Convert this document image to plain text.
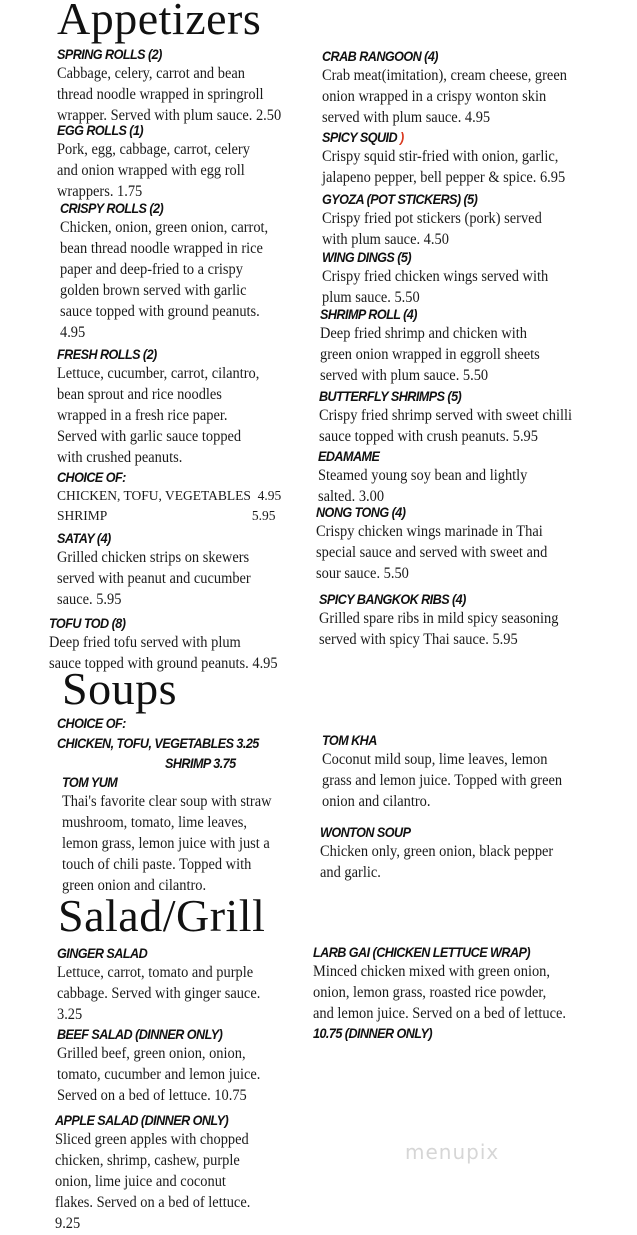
Appetizers
Soups
Salad/Grill
menupix
SPRING ROLLS (2)
Cabbage, celery, carrot and bean
thread noodle wrapped in springroll
wrapper. Served with plum sauce. 2.50
EGG ROLLS (1)
Pork, egg, cabbage, carrot, celery
and onion wrapped with egg roll
wrappers. 1.75
CRISPY ROLLS (2)
Chicken, onion, green onion, carrot,
bean thread noodle wrapped in rice
paper and deep-fried to a crispy
golden brown served with garlic
sauce topped with ground peanuts.
4.95
FRESH ROLLS (2)
Lettuce, cucumber, carrot, cilantro,
bean sprout and rice noodles
wrapped in a fresh rice paper.
Served with garlic sauce topped
with crushed peanuts.
CHOICE OF:
CHICKEN, TOFU, VEGETABLES  4.95
SHRIMP                                           5.95
SATAY (4)
Grilled chicken strips on skewers
served with peanut and cucumber
sauce. 5.95
TOFU TOD (8)
Deep fried tofu served with plum
sauce topped with ground peanuts. 4.95
CRAB RANGOON (4)
Crab meat(imitation), cream cheese, green
onion wrapped in a crispy wonton skin
served with plum sauce. 4.95
SPICY SQUID )
Crispy squid stir-fried with onion, garlic,
jalapeno pepper, bell pepper & spice. 6.95
GYOZA (POT STICKERS) (5)
Crispy fried pot stickers (pork) served
with plum sauce. 4.50
WING DINGS (5)
Crispy fried chicken wings served with
plum sauce. 5.50
SHRIMP ROLL (4)
Deep fried shrimp and chicken with
green onion wrapped in eggroll sheets
served with plum sauce. 5.50
BUTTERFLY SHRIMPS (5)
Crispy fried shrimp served with sweet chilli
sauce topped with crush peanuts. 5.95
EDAMAME
Steamed young soy bean and lightly
salted. 3.00
NONG TONG (4)
Crispy chicken wings marinade in Thai
special sauce and served with sweet and
sour sauce. 5.50
SPICY BANGKOK RIBS (4)
Grilled spare ribs in mild spicy seasoning
served with spicy Thai sauce. 5.95
CHOICE OF:
CHICKEN, TOFU, VEGETABLES 3.25
SHRIMP 3.75
TOM YUM
Thai's favorite clear soup with straw
mushroom, tomato, lime leaves,
lemon grass, lemon juice with just a
touch of chili paste. Topped with
green onion and cilantro.
TOM KHA
Coconut mild soup, lime leaves, lemon
grass and lemon juice. Topped with green
onion and cilantro.
WONTON SOUP
Chicken only, green onion, black pepper
and garlic.
GINGER SALAD
Lettuce, carrot, tomato and purple
cabbage. Served with ginger sauce.
3.25
BEEF SALAD (DINNER ONLY)
Grilled beef, green onion, onion,
tomato, cucumber and lemon juice.
Served on a bed of lettuce. 10.75
APPLE SALAD (DINNER ONLY)
Sliced green apples with chopped
chicken, shrimp, cashew, purple
onion, lime juice and coconut
flakes. Served on a bed of lettuce.
9.25
LARB GAI (CHICKEN LETTUCE WRAP)
Minced chicken mixed with green onion,
onion, lemon grass, roasted rice powder,
and lemon juice. Served on a bed of lettuce.
10.75 (DINNER ONLY)
